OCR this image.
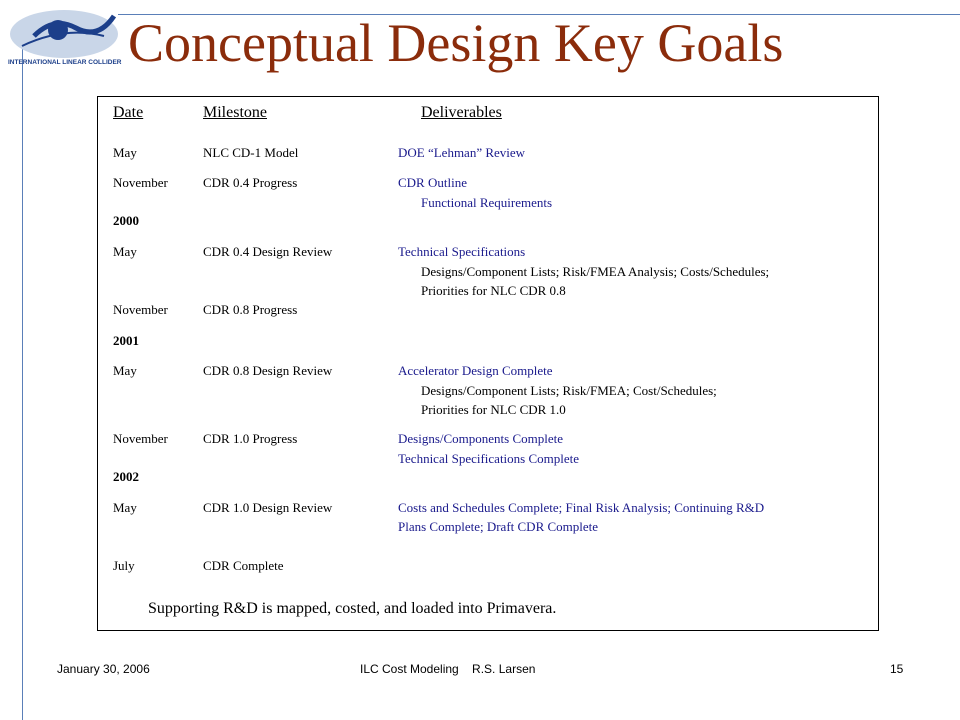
INTERNATIONAL LINEAR COLLIDER Conceptual Design Key Goals
Date	Milestone	Deliverables
May	NLC CD-1 Model	DOE “Lehman” Review
November	CDR 0.4 Progress	CDR Outline
Functional Requirements
2000
May	CDR 0.4 Design Review	Technical Specifications
Designs/Component Lists; Risk/FMEA Analysis; Costs/Schedules;
Priorities for NLC CDR 0.8
November	CDR 0.8 Progress
2001
May	CDR 0.8 Design Review	Accelerator Design Complete
Designs/Component Lists; Risk/FMEA; Cost/Schedules;
Priorities for NLC CDR 1.0
November	CDR 1.0 Progress	Designs/Components Complete
Technical Specifications Complete
2002
May	CDR 1.0 Design Review	Costs and Schedules Complete; Final Risk Analysis; Continuing R&D
Plans Complete; Draft CDR Complete
July	CDR Complete
Supporting R&D is mapped, costed, and loaded into Primavera.
January 30, 2006	ILC Cost Modeling    R.S. Larsen	15
